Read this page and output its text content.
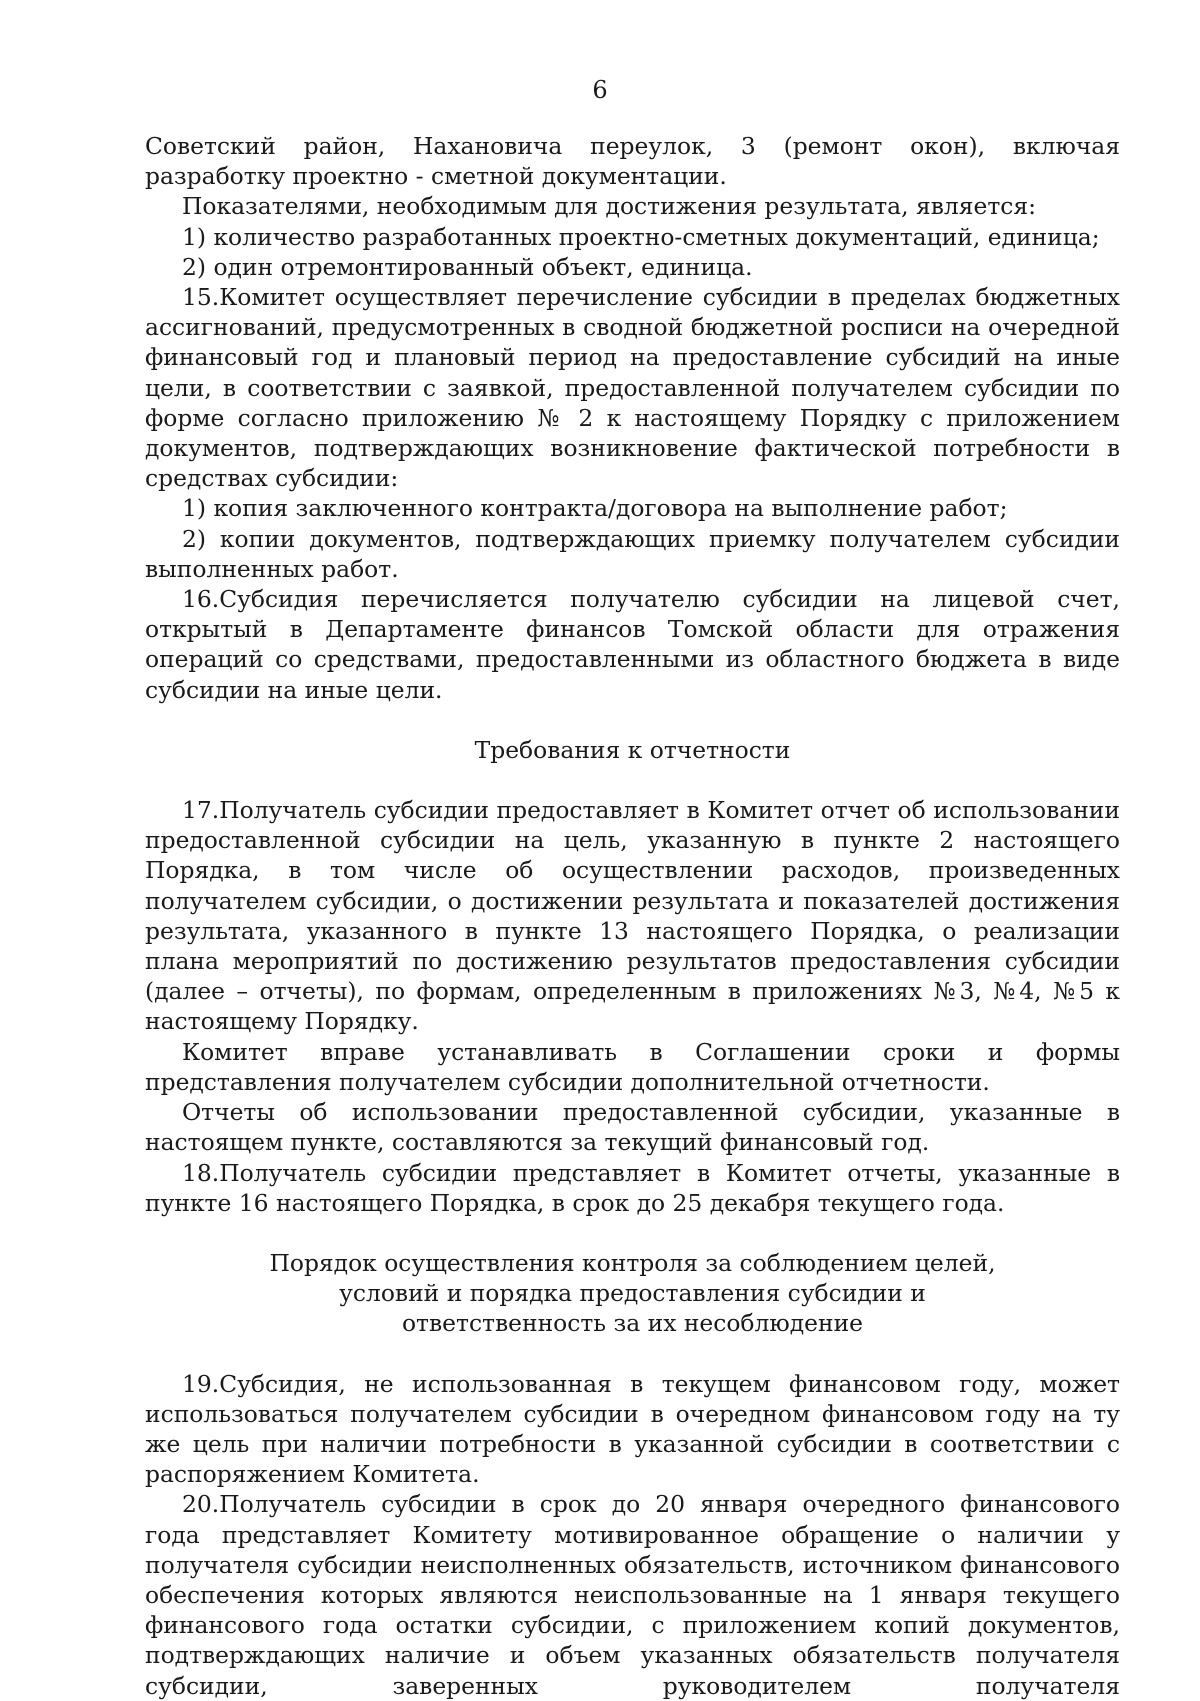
6

Советский район, Нахановича переулок, 3 (ремонт окон), включая разработку проектно - сметной документации.

Показателями, необходимым для достижения результата, является:

1) количество разработанных проектно-сметных документаций, единица;

2) один отремонтированный объект, единица.

15.Комитет осуществляет перечисление субсидии в пределах бюджетных ассигнований, предусмотренных в сводной бюджетной росписи на очередной финансовый год и плановый период на предоставление субсидий на иные цели, в соответствии с заявкой, предоставленной получателем субсидии по форме согласно приложению № 2 к настоящему Порядку с приложением документов, подтверждающих возникновение фактической потребности в средствах субсидии:

1) копия заключенного контракта/договора на выполнение работ;

2) копии документов, подтверждающих приемку получателем субсидии выполненных работ.

16.Субсидия перечисляется получателю субсидии на лицевой счет, открытый в Департаменте финансов Томской области для отражения операций со средствами, предоставленными из областного бюджета в виде субсидии на иные цели.

Требования к отчетности

17.Получатель субсидии предоставляет в Комитет отчет об использовании предоставленной субсидии на цель, указанную в пункте 2 настоящего Порядка, в том числе об осуществлении расходов, произведенных получателем субсидии, о достижении результата и показателей достижения результата, указанного в пункте 13 настоящего Порядка, о реализации плана мероприятий по достижению результатов предоставления субсидии (далее – отчеты), по формам, определенным в приложениях №3, №4, №5 к настоящему Порядку.

Комитет вправе устанавливать в Соглашении сроки и формы представления получателем субсидии дополнительной отчетности.

Отчеты об использовании предоставленной субсидии, указанные в настоящем пункте, составляются за текущий финансовый год.

18.Получатель субсидии представляет в Комитет отчеты, указанные в пункте 16 настоящего Порядка, в срок до 25 декабря текущего года.

Порядок осуществления контроля за соблюдением целей, условий и порядка предоставления субсидии и ответственность за их несоблюдение

19.Субсидия, не использованная в текущем финансовом году, может использоваться получателем субсидии в очередном финансовом году на ту же цель при наличии потребности в указанной субсидии в соответствии с распоряжением Комитета.

20.Получатель субсидии в срок до 20 января очередного финансового года представляет Комитету мотивированное обращение о наличии у получателя субсидии неисполненных обязательств, источником финансового обеспечения которых являются неиспользованные на 1 января текущего финансового года остатки субсидии, с приложением копий документов, подтверждающих наличие и объем указанных обязательств получателя субсидии, заверенных руководителем получателя
